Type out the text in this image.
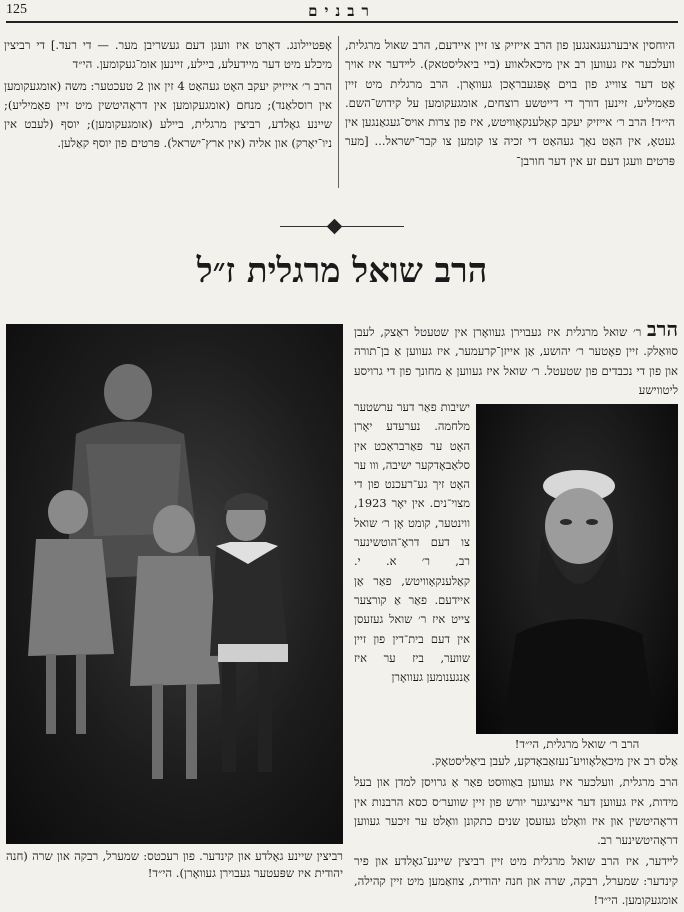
125	רבנים
היוחסין איבערגעגאנגען פון הרב אייזיק צו זיין איידעם, הרב שאול מרגלית, וועלכער איז געווען רב אין מיכאלאווע (ביי ביאליסטאק). לײדער איז אויך אָט דער צווייג פון בוים אָפּגעבראָכן געוואָרן. הרב מרגלית מיט זיין פאַמיליע, זיינען דורך די דייטשע רוצחים, אומגעקומען על קידוש־השם. הי״ד! הרב ר׳ אייזיק יעקב קאַלענקאָוויטש, איז פון צרות אויס־געגאַנגען אין געטאָ, אין האָט נאָך געהאַט די זכיה צו קומען צו קבר־ישראל... [מער פּרטים וועגן דעם זע אין דער חורבן־

אָפּטיילונג. דאָרט איז וועגן דעם געשריבן מער. — די רעד.] די רביצין מיכלע מיט דער מיידעלע, ביילע, זיינען אומ־געקומען. הי״ד

הרב ר׳ אייזיק יעקב האָט געהאַט 4 זין און 2 טעכטער: משה (אומגעקומען אין רוסלאַנד); מנחם (אומגעקומען אין דראָהיטשין מיט זיין פאַמיליע); שיינע גאָלדע, רביצין מרגלית, ביילע (אומגעקומען); יוסף (לעבט אין ניו־יאָרק) און אליה (אין ארץ־ישראל). פּרטים פון יוסף קאַלען.

הרב שואל מרגלית ז״ל
רביצין שיינע גאָלדע און קינדער. פון רעכטס: שמערל, רבקה און שרה (חנה יהודית איז שפּעטער געבוירן געוואָרן). הי״ד!
הרב ר׳ שואל מרגלית, הי״ד!
הרב ר׳ שואל מרגלית איז געבוירן געוואָרן אין שטעטל ראַצק, לעבן סוּואַלק. זיין פאָטער ר׳ יהושע, אַן אייזן־קרעמער, איז געווען אַ בן־תורה און פון די נכבדים פון שטעטל. ר׳ שואל איז געווען אַ מחונך פון די גרויסע ליטווישע
ישיבות פאַר דער ערשטער מלחמה. נערעדע יאָרן האָט ער פאַרבראַכט אין סלאַבאָדקער ישיבה, ווו ער האָט זיך גע־רעכנט פון די מצוי־נים. אין יאָר 1923, ווינטער, קומט אָן ר׳ שואל צו דעם דראָ־הוטשינער רב, ר׳ א. י. קאַלענקאָוויטש, פאַר אַן איידעם. פאַר אַ קורצער צייט איז ר׳ שואל געזעסן אין דעם בית־דין פון זיין שווער, ביז ער איז אַנגענומען געוואָרן

אַלס רב אין מיכאַלאָוויע־נעזאַבאָדקע, לעבן ביאַליסטאָק.

הרב מרגלית, וועלכער איז געווען באַוווּסט פאַר אַ גרויסן למדן און בעל מידות, איז געווען דער איינציגער יורש פון זיין שווער׳ס כסא הרבנות אין דראָהיטשין און איז וואָלט געזעסן שנים כתקונן וואָלט ער זיכער געווען דראָהיטשינער רב.

לײדער, איז הרב שואל מרגלית מיט זיין רביצין שיינע־גאָלדע און פיר קינדער: שמערל, רבקה, שרה און חנה יהודית, צוזאַמען מיט זיין קהילה, אומגעקומען. הי״ד!
